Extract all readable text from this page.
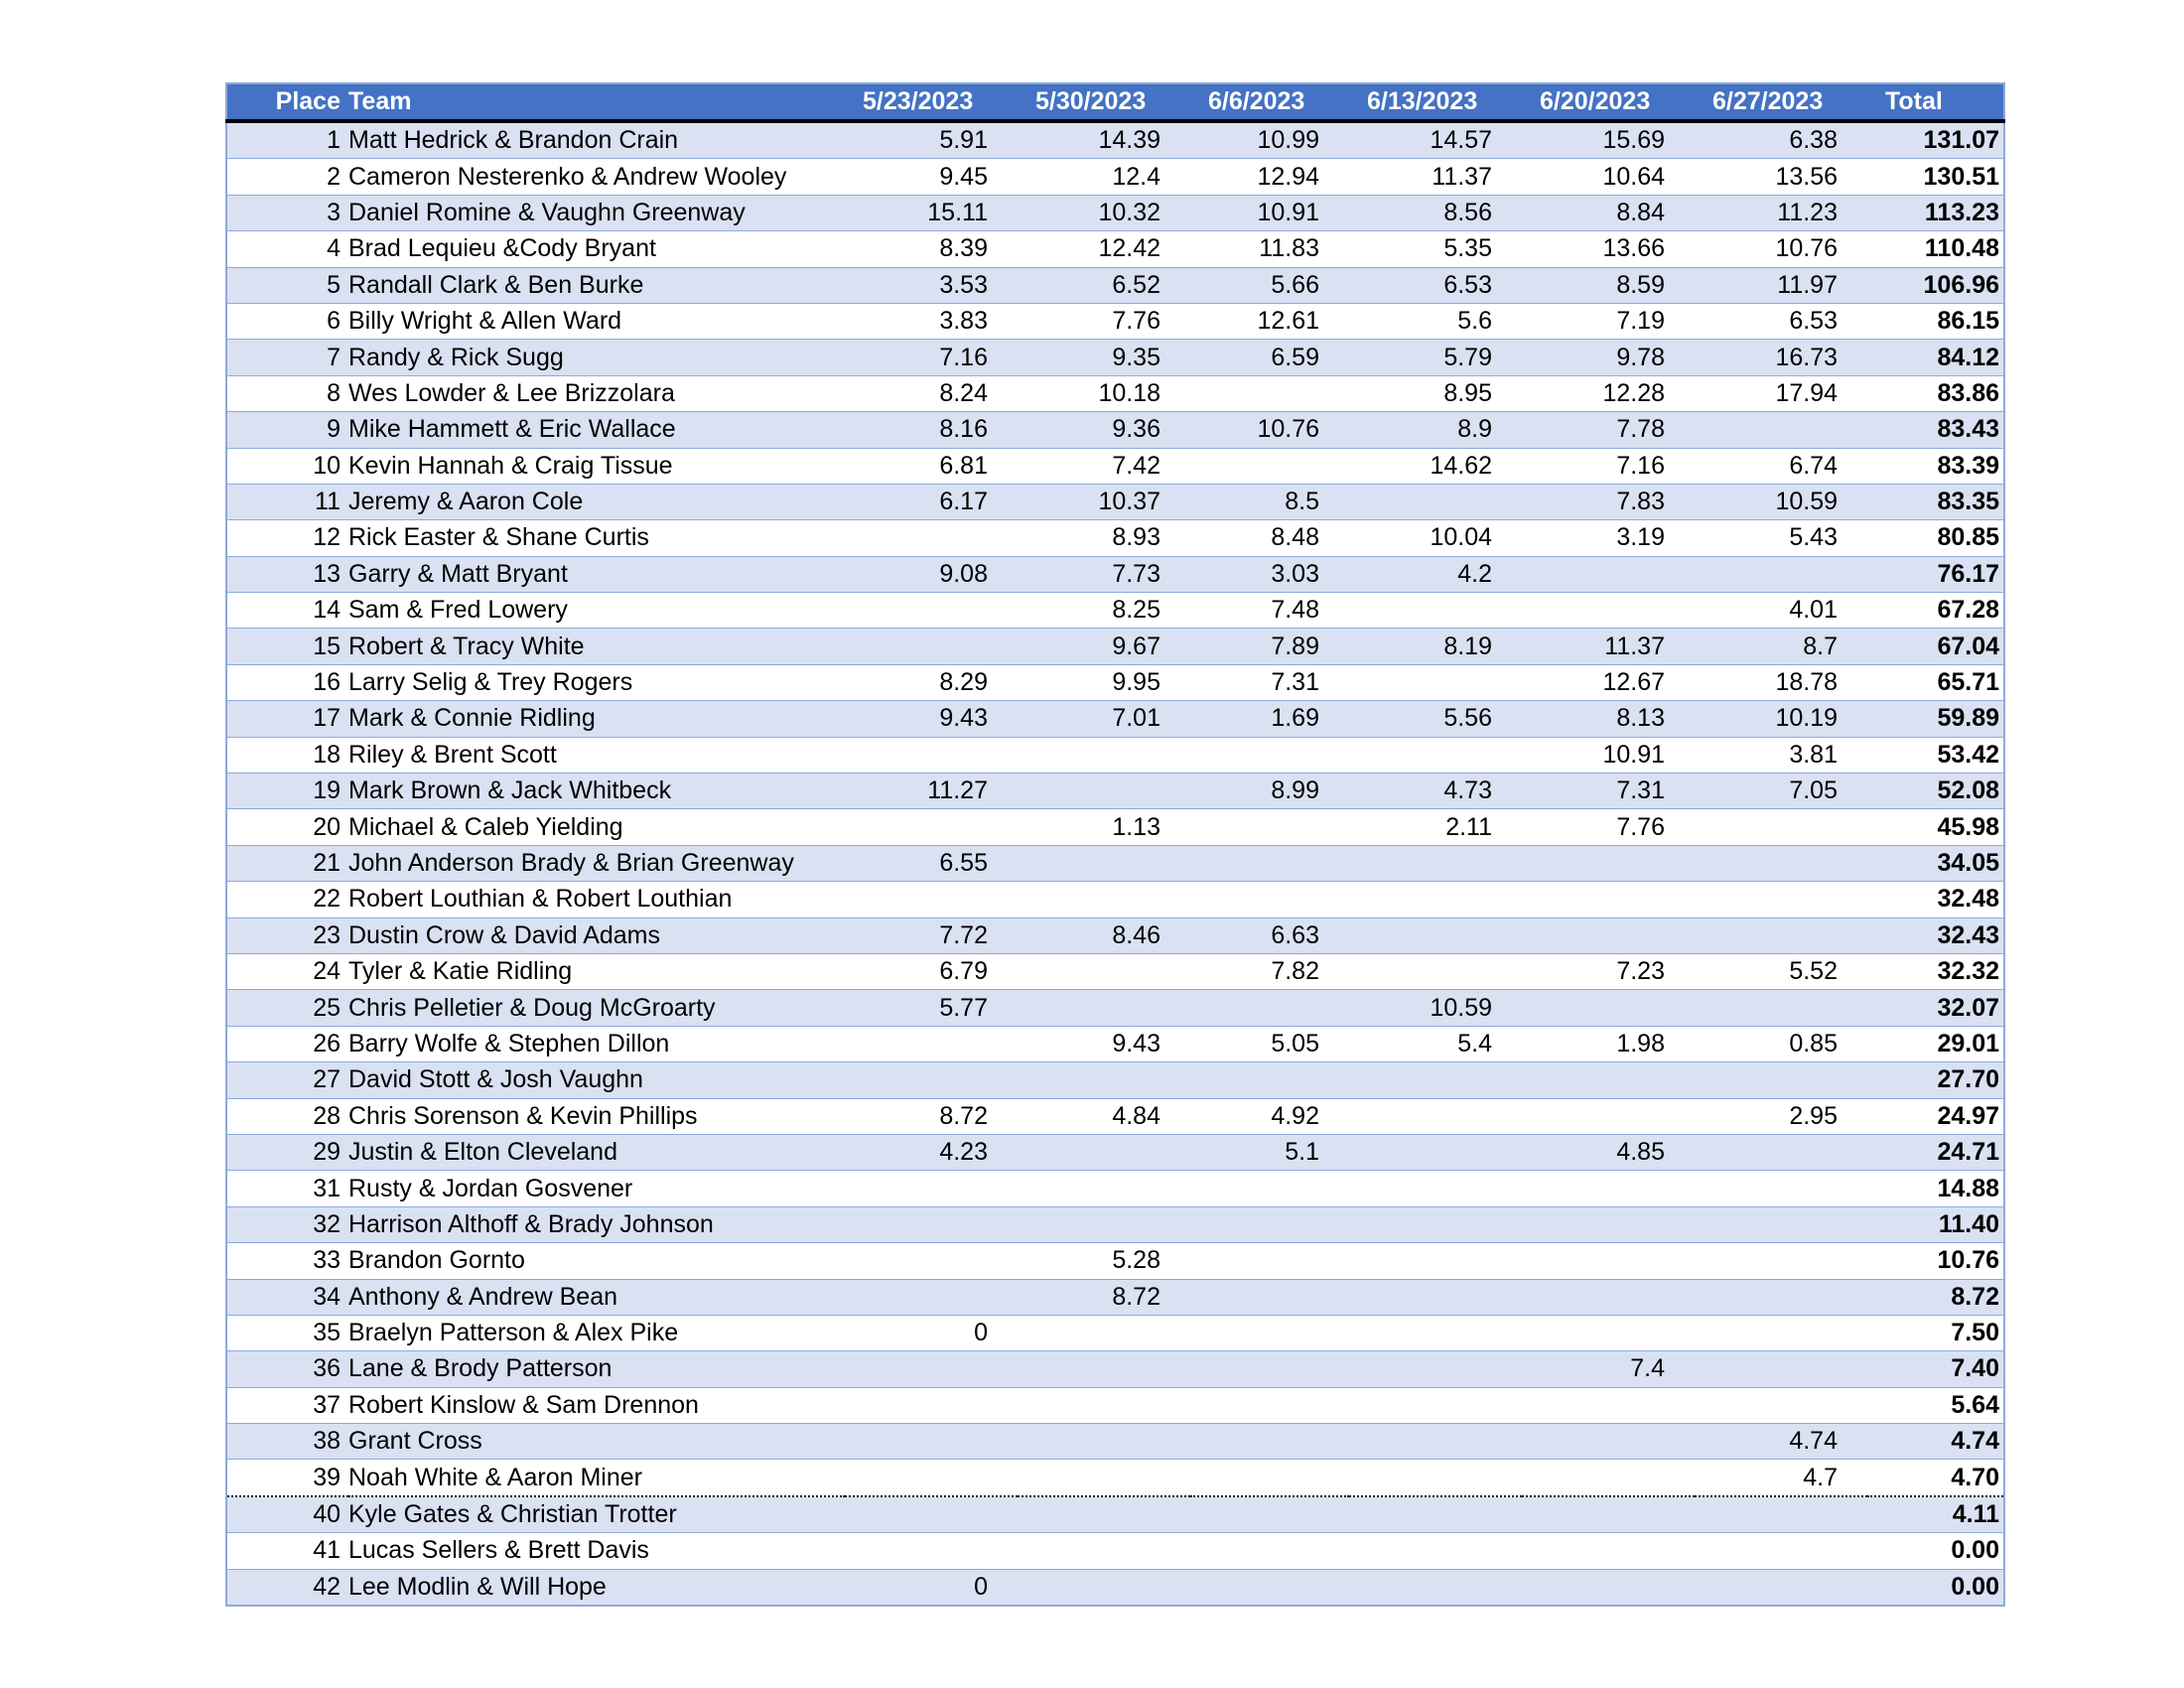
Place	Team	5/23/2023	5/30/2023	6/6/2023	6/13/2023	6/20/2023	6/27/2023	Total
1	Matt Hedrick & Brandon Crain	5.91	14.39	10.99	14.57	15.69	6.38	131.07
2	Cameron Nesterenko & Andrew Wooley	9.45	12.4	12.94	11.37	10.64	13.56	130.51
3	Daniel Romine & Vaughn Greenway	15.11	10.32	10.91	8.56	8.84	11.23	113.23
4	Brad Lequieu &Cody Bryant	8.39	12.42	11.83	5.35	13.66	10.76	110.48
5	Randall Clark & Ben Burke	3.53	6.52	5.66	6.53	8.59	11.97	106.96
6	Billy Wright & Allen Ward	3.83	7.76	12.61	5.6	7.19	6.53	86.15
7	Randy & Rick Sugg	7.16	9.35	6.59	5.79	9.78	16.73	84.12
8	Wes Lowder & Lee Brizzolara	8.24	10.18		8.95	12.28	17.94	83.86
9	Mike Hammett & Eric Wallace	8.16	9.36	10.76	8.9	7.78		83.43
10	Kevin Hannah & Craig Tissue	6.81	7.42		14.62	7.16	6.74	83.39
11	Jeremy & Aaron Cole	6.17	10.37	8.5		7.83	10.59	83.35
12	Rick Easter & Shane Curtis		8.93	8.48	10.04	3.19	5.43	80.85
13	Garry & Matt Bryant	9.08	7.73	3.03	4.2			76.17
14	Sam & Fred Lowery		8.25	7.48			4.01	67.28
15	Robert & Tracy White		9.67	7.89	8.19	11.37	8.7	67.04
16	Larry Selig & Trey Rogers	8.29	9.95	7.31		12.67	18.78	65.71
17	Mark & Connie Ridling	9.43	7.01	1.69	5.56	8.13	10.19	59.89
18	Riley & Brent Scott					10.91	3.81	53.42
19	Mark Brown & Jack Whitbeck	11.27		8.99	4.73	7.31	7.05	52.08
20	Michael & Caleb Yielding		1.13		2.11	7.76		45.98
21	John Anderson Brady & Brian Greenway	6.55						34.05
22	Robert Louthian & Robert Louthian							32.48
23	Dustin Crow & David Adams	7.72	8.46	6.63				32.43
24	Tyler & Katie Ridling	6.79		7.82		7.23	5.52	32.32
25	Chris Pelletier & Doug McGroarty	5.77			10.59			32.07
26	Barry Wolfe & Stephen Dillon		9.43	5.05	5.4	1.98	0.85	29.01
27	David Stott & Josh Vaughn							27.70
28	Chris Sorenson & Kevin Phillips	8.72	4.84	4.92			2.95	24.97
29	Justin & Elton Cleveland	4.23		5.1		4.85		24.71
31	Rusty & Jordan Gosvener							14.88
32	Harrison Althoff & Brady Johnson							11.40
33	Brandon Gornto		5.28					10.76
34	Anthony & Andrew Bean		8.72					8.72
35	Braelyn Patterson & Alex Pike	0						7.50
36	Lane & Brody Patterson					7.4		7.40
37	Robert Kinslow & Sam Drennon							5.64
38	Grant Cross						4.74	4.74
39	Noah White & Aaron Miner						4.7	4.70
40	Kyle Gates & Christian Trotter							4.11
41	Lucas Sellers & Brett Davis							0.00
42	Lee Modlin & Will Hope	0						0.00
